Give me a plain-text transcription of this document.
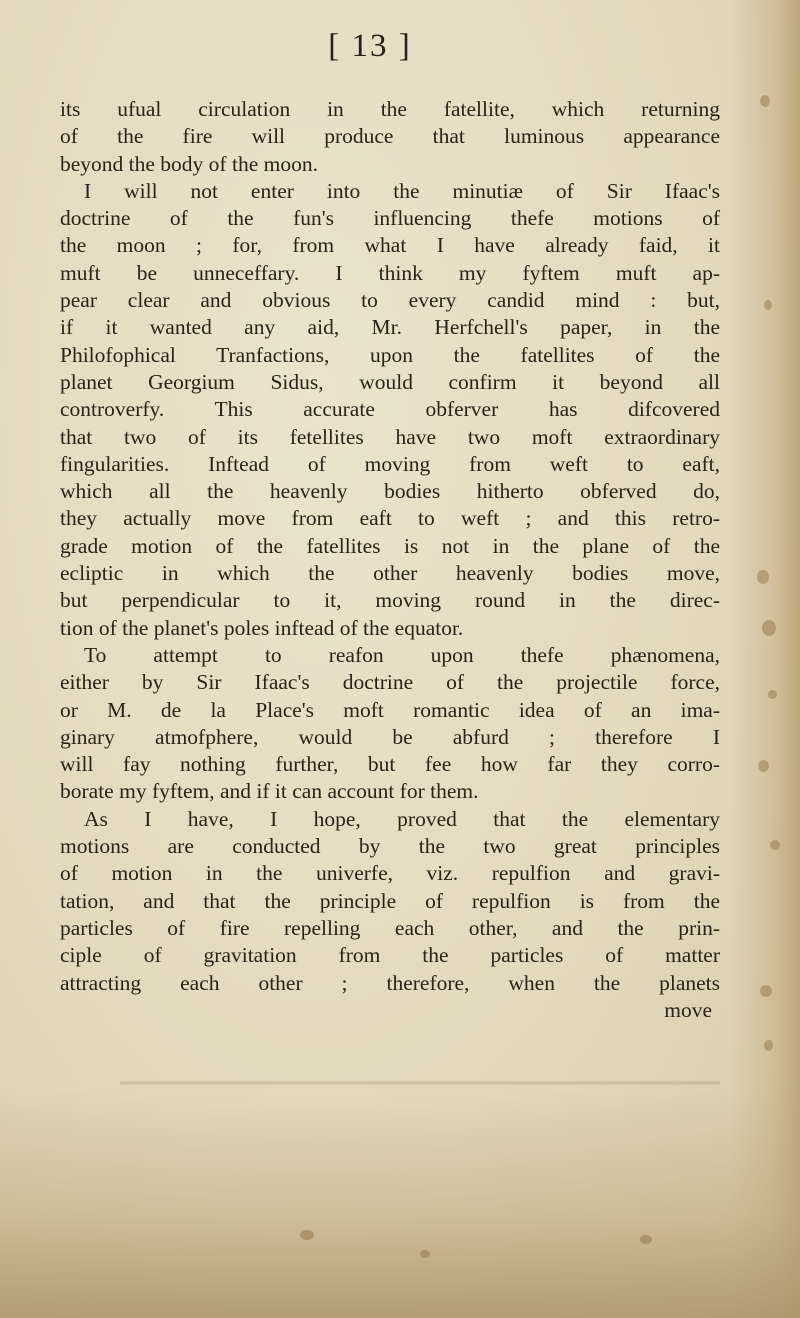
[ 13 ]
its ufual circulation in the fatellite, which returning
of the fire will produce that luminous appearance
beyond the body of the moon.
I will not enter into the minutiæ of Sir Ifaac's
doctrine of the fun's influencing thefe motions of
the moon ; for, from what I have already faid, it
muft be unneceffary. I think my fyftem muft ap-
pear clear and obvious to every candid mind : but,
if it wanted any aid, Mr. Herfchell's paper, in the
Philofophical Tranfactions, upon the fatellites of the
planet Georgium Sidus, would confirm it beyond all
controverfy. This accurate obferver has difcovered
that two of its fetellites have two moft extraordinary
fingularities. Inftead of moving from weft to eaft,
which all the heavenly bodies hitherto obferved do,
they actually move from eaft to weft ; and this retro-
grade motion of the fatellites is not in the plane of the
ecliptic in which the other heavenly bodies move,
but perpendicular to it, moving round in the direc-
tion of the planet's poles inftead of the equator.
To attempt to reafon upon thefe phænomena,
either by Sir Ifaac's doctrine of the projectile force,
or M. de la Place's moft romantic idea of an ima-
ginary atmofphere, would be abfurd ; therefore I
will fay nothing further, but fee how far they corro-
borate my fyftem, and if it can account for them.
As I have, I hope, proved that the elementary
motions are conducted by the two great principles
of motion in the univerfe, viz. repulfion and gravi-
tation, and that the principle of repulfion is from the
particles of fire repelling each other, and the prin-
ciple of gravitation from the particles of matter
attracting each other ; therefore, when the planets
move
